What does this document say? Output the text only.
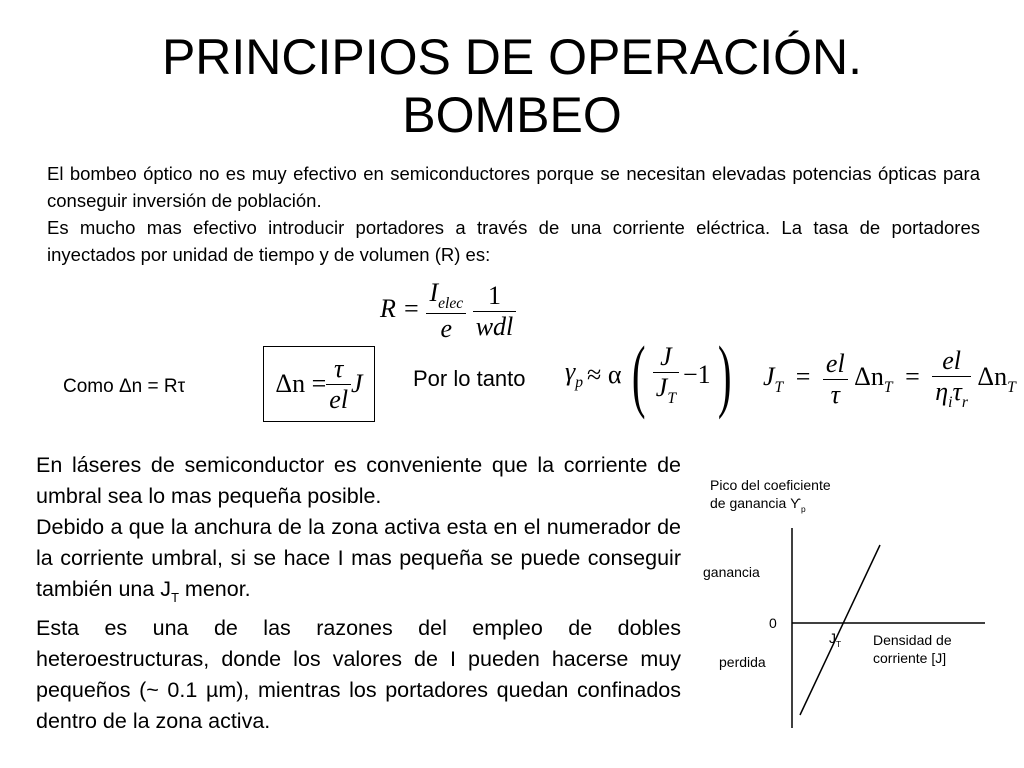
PRINCIPIOS DE OPERACIÓN.
BOMBEO

El bombeo óptico no es muy efectivo en semiconductores porque se necesitan elevadas potencias ópticas para conseguir inversión de población.

Es mucho mas efectivo introducir portadores a través de una corriente eléctrica. La tasa de portadores inyectados por unidad de tiempo y de volumen (R) es:

$R = \frac{I_{elec}}{e}$
$\frac{1}{\text{wdl}}$
Como Δn = Rτ	$\Delta n = \frac{\tau}{el}$ J Por lo tanto $\gamma_p \approx \alpha$ ( $\frac{J}{J_T} -1$ ) $J_T = \frac{el}{\tau} \Delta n_T = \frac{el}{\eta_i\tau_r} \Delta n_T$

En láseres de semiconductor es conveniente que la corriente de umbral sea lo mas pequeña posible.

Debido a que la anchura de la zona activa esta en el numerador de la corriente umbral, si se hace I mas pequeña se puede conseguir también una $J_T$ menor.

Esta es una de las razones del empleo de dobles heteroestructuras, donde los valores de I pueden hacerse muy pequeños (~ 0.1 µm), mientras los portadores quedan confinados dentro de la zona activa.

Pico del coeficiente
de ganancia $ϒ_p$
ganancia
0
perdida
$J_T$ Densidad de
corriente [J]
